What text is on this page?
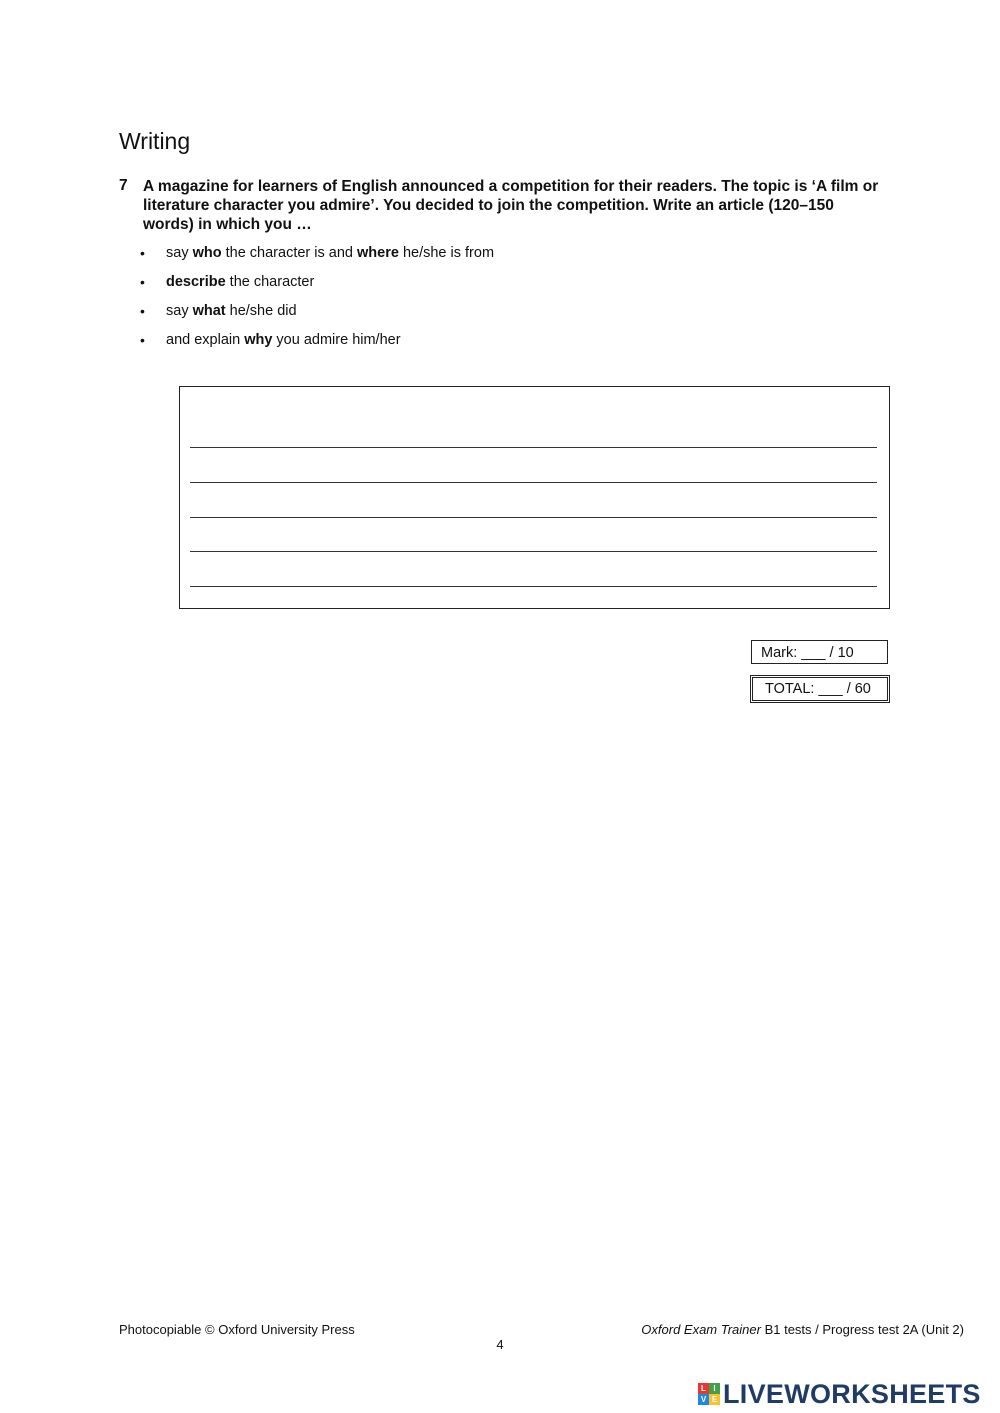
Writing
7 A magazine for learners of English announced a competition for their readers. The topic is ‘A film or literature character you admire’. You decided to join the competition. Write an article (120–150 words) in which you …
• say who the character is and where he/she is from
• describe the character
• say what he/she did
• and explain why you admire him/her
Mark: ___ / 10
TOTAL: ___ / 60
Photocopiable © Oxford University Press	Oxford Exam Trainer B1 tests / Progress test 2A (Unit 2)
4
L I
V E LIVEWORKSHEETS
